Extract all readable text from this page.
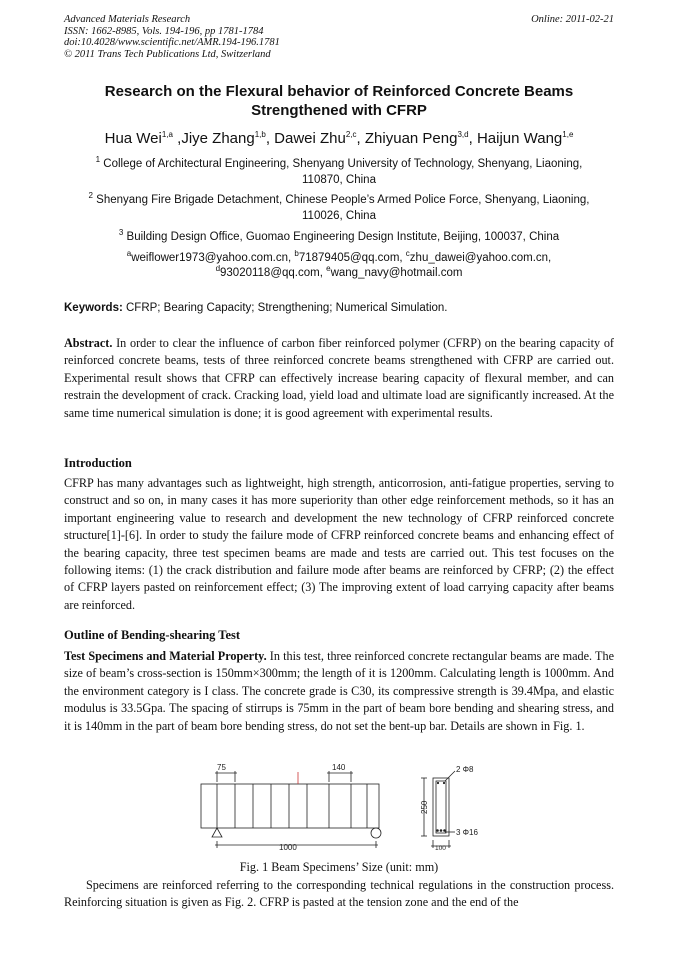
Advanced Materials Research
ISSN: 1662-8985, Vols. 194-196, pp 1781-1784
doi:10.4028/www.scientific.net/AMR.194-196.1781
© 2011 Trans Tech Publications Ltd, Switzerland
Online: 2011-02-21
Research on the Flexural behavior of Reinforced Concrete Beams
Strengthened with CFRP
Hua Wei$^{1,a}$ ,Jiye Zhang$^{1,b}$, Dawei Zhu$^{2,c}$, Zhiyuan Peng$^{3,d}$, Haijun Wang$^{1,e}$
$^1$ College of Architectural Engineering, Shenyang University of Technology, Shenyang, Liaoning,
110870, China
$^2$ Shenyang Fire Brigade Detachment, Chinese People’s Armed Police Force, Shenyang, Liaoning,
110026, China
$^3$ Building Design Office, Guomao Engineering Design Institute, Beijing, 100037, China
$^a$weiflower1973@yahoo.com.cn, $^b$71879405@qq.com, $^c$zhu_dawei@yahoo.com.cn,
$^d$93020118@qq.com, $^e$wang_navy@hotmail.com
Keywords: CFRP; Bearing Capacity; Strengthening; Numerical Simulation.
Abstract. In order to clear the influence of carbon fiber reinforced polymer (CFRP) on the bearing capacity of reinforced concrete beams, tests of three reinforced concrete beams strengthened with CFRP are carried out. Experimental result shows that CFRP can effectively increase bearing capacity of flexural member, and can restrain the development of crack. Cracking load, yield load and ultimate load are significantly increased. At the same time numerical simulation is done; it is good agreement with experimental results.
Introduction
CFRP has many advantages such as lightweight, high strength, anticorrosion, anti-fatigue properties, serving to construct and so on, in many cases it has more superiority than other edge reinforcement methods, so it has an important engineering value to research and development the new technology of CFRP reinforced concrete structure[1]-[6]. In order to study the failure mode of CFRP reinforced concrete beams and enhancing effect of the bearing capacity, three test specimen beams are made and tests are carried out. This test focuses on the following items: (1) the crack distribution and failure mode after beams are reinforced by CFRP; (2) the effect of CFRP layers pasted on reinforcement effect; (3) The improving extent of load carrying capacity after beams are reinforced.
Outline of Bending-shearing Test
Test Specimens and Material Property. In this test, three reinforced concrete rectangular beams are made. The size of beam’s cross-section is 150mm×300mm; the length of it is 1200mm. Calculating length is 1000mm. And the environment category is I class. The concrete grade is C30, its compressive strength is 39.4Mpa, and elastic modulus is 33.5Gpa. The spacing of stirrups is 75mm in the part of beam bore bending and shearing stress, and it is 140mm in the part of beam bore bending stress, do not set the bent-up bar. Details are shown in Fig. 1.
75	140
1000
250
100
2 Φ8
3 Φ16
Fig. 1 Beam Specimens’ Size (unit: mm)
Specimens are reinforced referring to the corresponding technical regulations in the construction process. Reinforcing situation is given as Fig. 2. CFRP is pasted at the tension zone and the end of the
